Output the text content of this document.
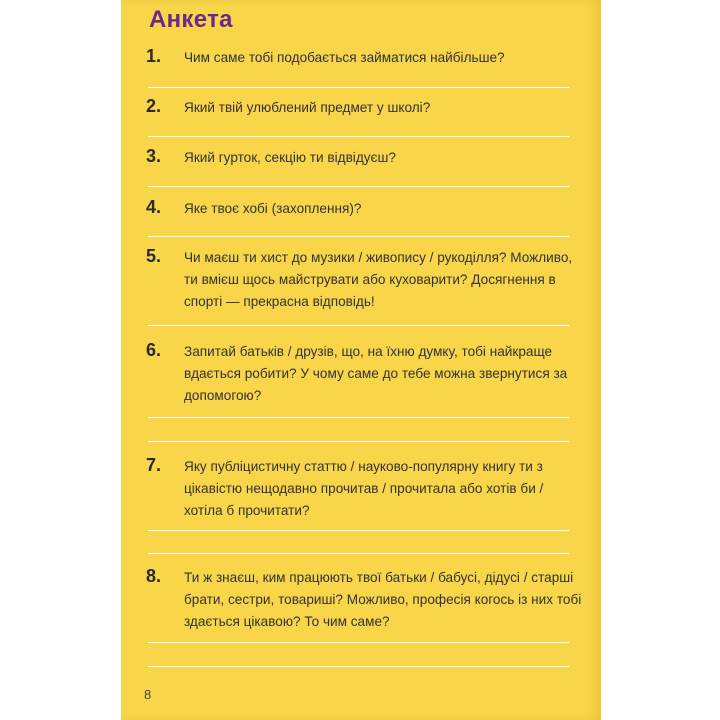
Анкета
1. Чим саме тобі подобається займатися найбільше?
2. Який твій улюблений предмет у школі?
3. Який гурток, секцію ти відвідуєш?
4. Яке твоє хобі (захоплення)?
5. Чи маєш ти хист до музики / живопису / рукоділля? Можливо, ти вмієш щось майструвати або куховарити? Досягнення в спорті — прекрасна відповідь!
6. Запитай батьків / друзів, що, на їхню думку, тобі найкраще вдається робити? У чому саме до тебе можна звернутися за допомогою?
7. Яку публіцистичну статтю / науково-популярну книгу ти з цікавістю нещодавно прочитав / прочитала або хотів би / хотіла б прочитати?
8. Ти ж знаєш, ким працюють твої батьки / бабусі, дідусі / старші брати, сестри, товариші? Можливо, професія когось із них тобі здається цікавою? То чим саме?
8
